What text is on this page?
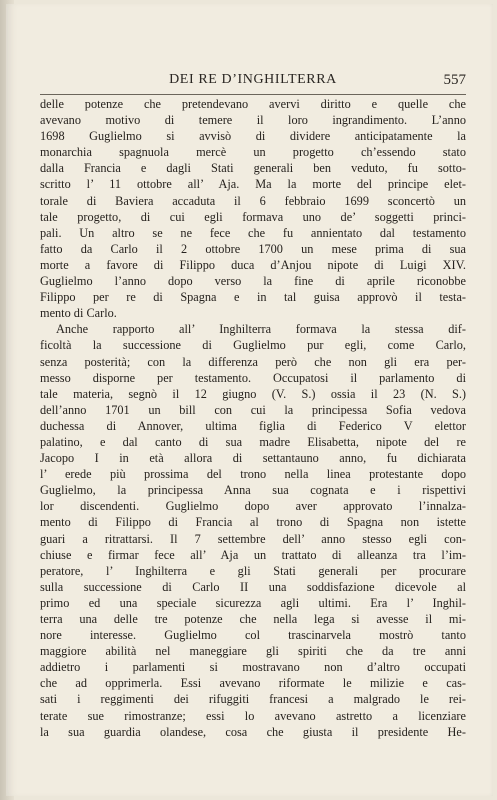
DEI RE D’INGHILTERRA	557
delle potenze che pretendevano avervi diritto e quelle che
avevano motivo di temere il loro ingrandimento. L’anno
1698 Guglielmo si avvisò di dividere anticipatamente la
monarchia spagnuola mercè un progetto ch’essendo stato
dalla Francia e dagli Stati generali ben veduto, fu sotto-
scritto l’ 11 ottobre all’ Aja. Ma la morte del principe elet-
torale di Baviera accaduta il 6 febbraio 1699 sconcertò un
tale progetto, di cui egli formava uno de’ soggetti princi-
pali. Un altro se ne fece che fu annientato dal testamento
fatto da Carlo il 2 ottobre 1700 un mese prima di sua
morte a favore di Filippo duca d’Anjou nipote di Luigi XIV.
Guglielmo l’anno dopo verso la fine di aprile riconobbe
Filippo per re di Spagna e in tal guisa approvò il testa-
mento di Carlo.
Anche rapporto all’ Inghilterra formava la stessa dif-
ficoltà la successione di Guglielmo pur egli, come Carlo,
senza posterità; con la differenza però che non gli era per-
messo disporne per testamento. Occupatosi il parlamento di
tale materia, segnò il 12 giugno (V. S.) ossia il 23 (N. S.)
dell’anno 1701 un bill con cui la principessa Sofia vedova
duchessa di Annover, ultima figlia di Federico V elettor
palatino, e dal canto di sua madre Elisabetta, nipote del re
Jacopo I in età allora di settantauno anno, fu dichiarata
l’ erede più prossima del trono nella linea protestante dopo
Guglielmo, la principessa Anna sua cognata e i rispettivi
lor discendenti. Guglielmo dopo aver approvato l’innalza-
mento di Filippo di Francia al trono di Spagna non istette
guari a ritrattarsi. Il 7 settembre dell’ anno stesso egli con-
chiuse e firmar fece all’ Aja un trattato di alleanza tra l’im-
peratore, l’ Inghilterra e gli Stati generali per procurare
sulla successione di Carlo II una soddisfazione dicevole al
primo ed una speciale sicurezza agli ultimi. Era l’ Inghil-
terra una delle tre potenze che nella lega si avesse il mi-
nore interesse. Guglielmo col trascinarvela mostrò tanto
maggiore abilità nel maneggiare gli spiriti che da tre anni
addietro i parlamenti si mostravano non d’altro occupati
che ad opprimerla. Essi avevano riformate le milizie e cas-
sati i reggimenti dei rifuggiti francesi a malgrado le rei-
terate sue rimostranze; essi lo avevano astretto a licenziare
la sua guardia olandese, cosa che giusta il presidente He-
